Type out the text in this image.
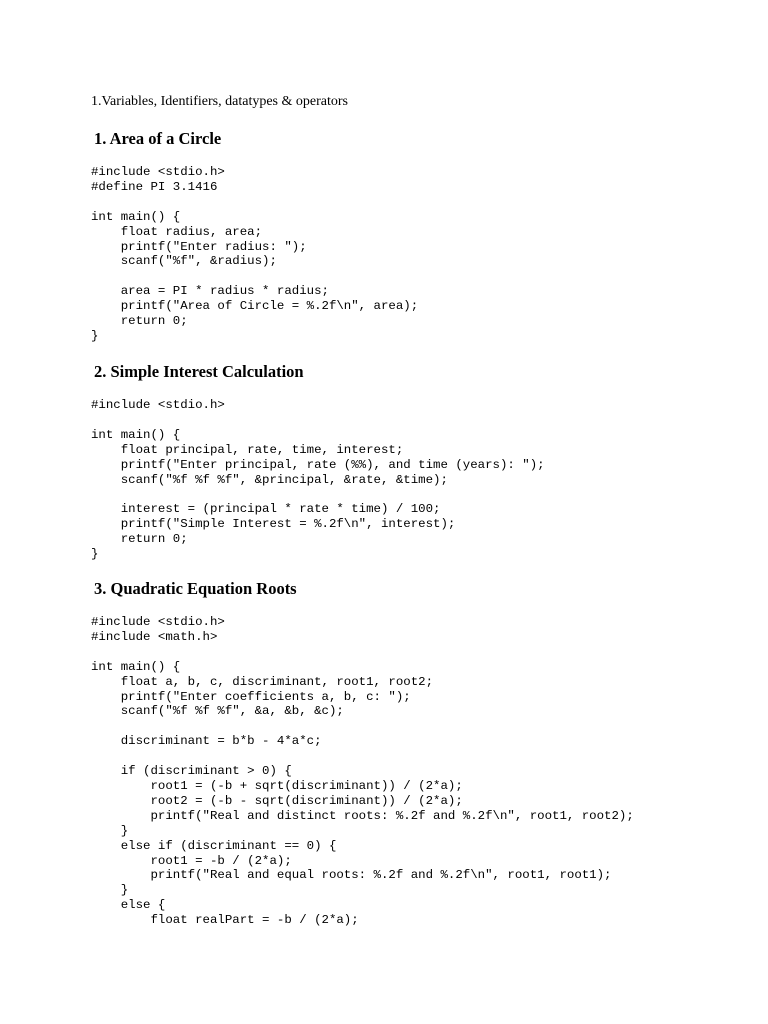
1.Variables, Identifiers, datatypes & operators

1. Area of a Circle
#include <stdio.h>
#define PI 3.1416

int main() {
float radius, area;
printf("Enter radius: ");
scanf("%f", &radius);

area = PI * radius * radius;
printf("Area of Circle = %.2f\n", area);
return 0;
}
2. Simple Interest Calculation
#include <stdio.h>

int main() {
float principal, rate, time, interest;
printf("Enter principal, rate (%%), and time (years): ");
scanf("%f %f %f", &principal, &rate, &time);

interest = (principal * rate * time) / 100;
printf("Simple Interest = %.2f\n", interest);
return 0;
}
3. Quadratic Equation Roots
#include <stdio.h>
#include <math.h>

int main() {
float a, b, c, discriminant, root1, root2;
printf("Enter coefficients a, b, c: ");
scanf("%f %f %f", &a, &b, &c);

discriminant = b*b - 4*a*c;

if (discriminant > 0) {
root1 = (-b + sqrt(discriminant)) / (2*a);
root2 = (-b - sqrt(discriminant)) / (2*a);
printf("Real and distinct roots: %.2f and %.2f\n", root1, root2);
}
else if (discriminant == 0) {
root1 = -b / (2*a);
printf("Real and equal roots: %.2f and %.2f\n", root1, root1);
}
else {
float realPart = -b / (2*a);
